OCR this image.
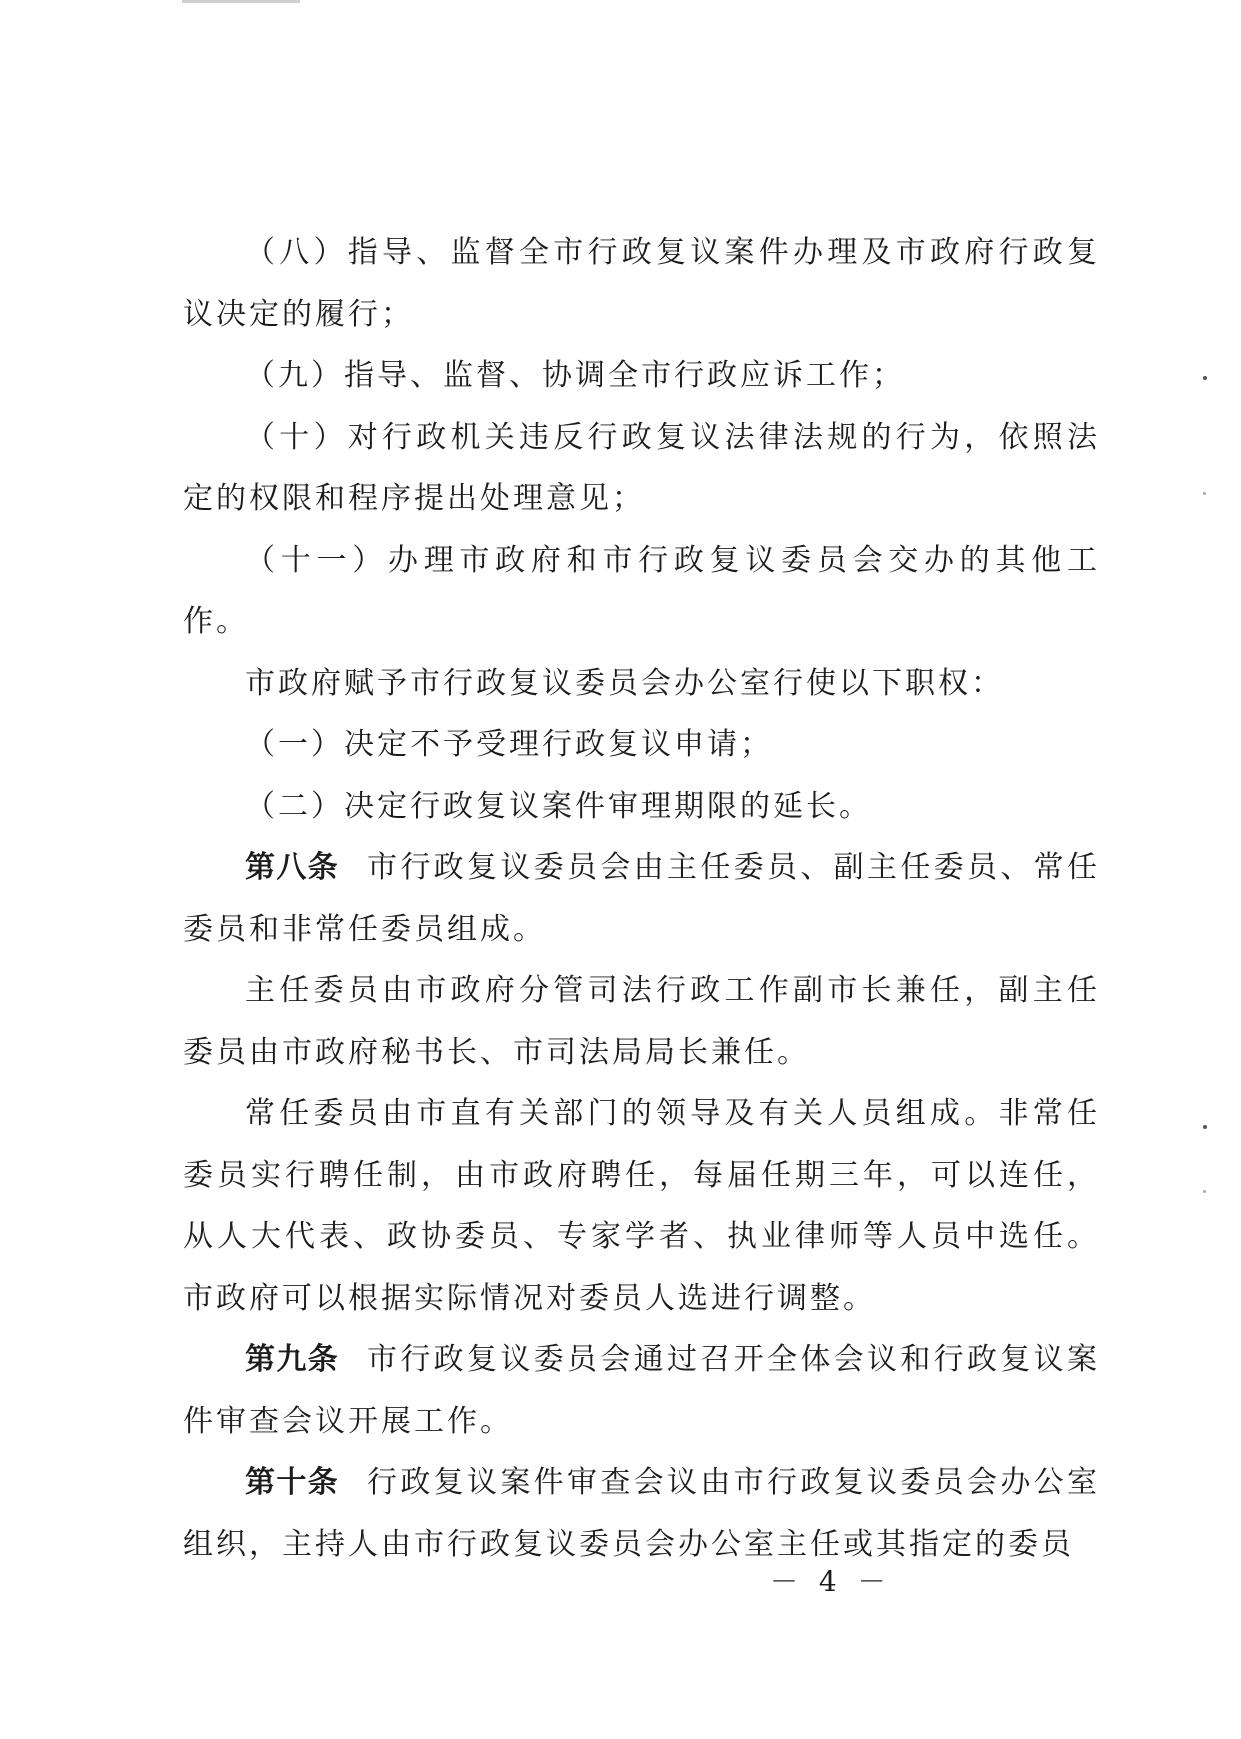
（八）指导、监督全市行政复议案件办理及市政府行政复议决定的履行；

（九）指导、监督、协调全市行政应诉工作；

（十）对行政机关违反行政复议法律法规的行为，依照法定的权限和程序提出处理意见；

（十一）办理市政府和市行政复议委员会交办的其他工作。

市政府赋予市行政复议委员会办公室行使以下职权：

（一）决定不予受理行政复议申请；

（二）决定行政复议案件审理期限的延长。

第八条 市行政复议委员会由主任委员、副主任委员、常任委员和非常任委员组成。

主任委员由市政府分管司法行政工作副市长兼任，副主任委员由市政府秘书长、市司法局局长兼任。

常任委员由市直有关部门的领导及有关人员组成。非常任委员实行聘任制，由市政府聘任，每届任期三年，可以连任，从人大代表、政协委员、专家学者、执业律师等人员中选任。市政府可以根据实际情况对委员人选进行调整。

第九条 市行政复议委员会通过召开全体会议和行政复议案件审查会议开展工作。

第十条 行政复议案件审查会议由市行政复议委员会办公室组织，主持人由市行政复议委员会办公室主任或其指定的委员

－ 4 －
